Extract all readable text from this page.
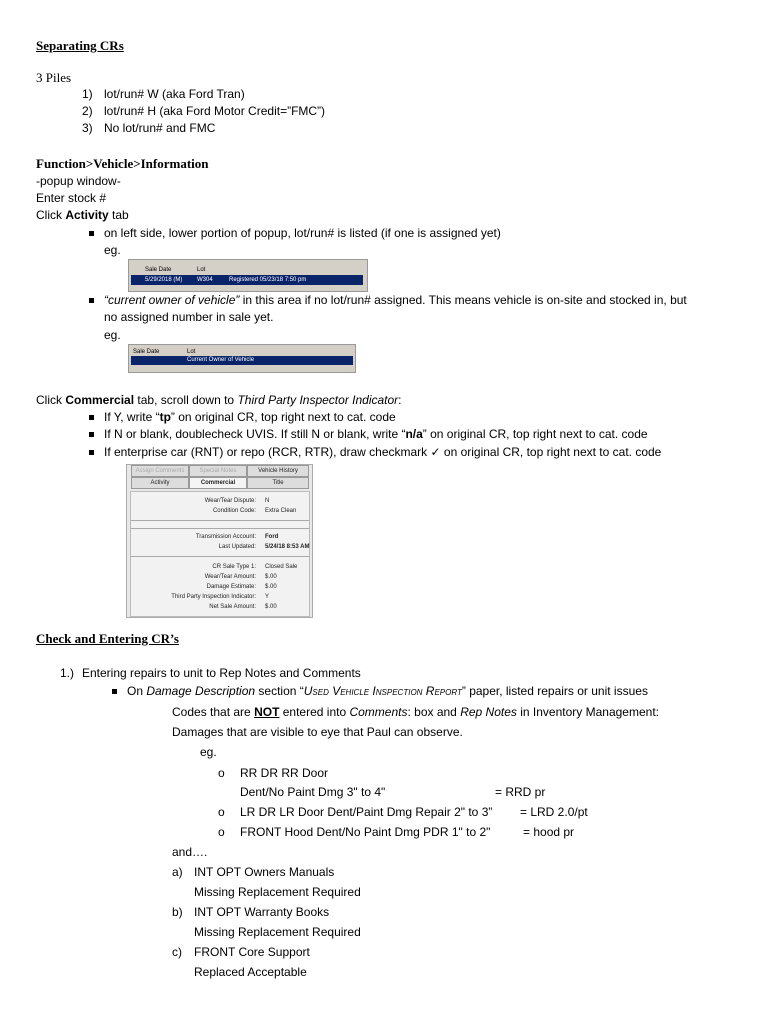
Separating CRs
3 Piles
1) lot/run# W (aka Ford Tran)
2) lot/run# H (aka Ford Motor Credit=”FMC”)
3) No lot/run# and FMC
Function>Vehicle>Information
-popup window-
Enter stock #
Click Activity tab
on left side, lower portion of popup, lot/run# is listed (if one is assigned yet)
eg.
Sale Date	Lot
5/29/2018 (M) W304	Registered 05/23/18 7:50 pm
“current owner of vehicle” in this area if no lot/run# assigned. This means vehicle is on-site and stocked in, but
no assigned number in sale yet.
eg.
Sale Date	Lot
Current Owner of Vehicle
Click Commercial tab, scroll down to Third Party Inspector Indicator:
If Y, write “tp” on original CR, top right next to cat. code
If N or blank, doublecheck UVIS. If still N or blank, write “n/a” on original CR, top right next to cat. code
If enterprise car (RNT) or repo (RCR, RTR), draw checkmark ✓ on original CR, top right next to cat. code
Assign Comments	Special Notes	Vehicle History
Activity	Commercial	Title
Wear/Tear Dispute: N
Condition Code: Extra Clean
Transmission Account: Ford
Last Updated: 5/24/18 8:53 AM
CR Sale Type 1: Closed Sale
Wear/Tear Amount: $.00
Damage Estimate: $.00
Third Party Inspection Indicator: Y
Net Sale Amount: $.00
Check and Entering CR’s
1.) Entering repairs to unit to Rep Notes and Comments
On Damage Description section “Used Vehicle Inspection Report” paper, listed repairs or unit issues
Codes that are NOT entered into Comments: box and Rep Notes in Inventory Management:
Damages that are visible to eye that Paul can observe.
eg.
o RR DR RR Door
Dent/No Paint Dmg 3" to 4"	= RRD pr
o LR DR LR Door Dent/Paint Dmg Repair 2" to 3” = LRD 2.0/pt
o FRONT Hood Dent/No Paint Dmg PDR 1" to 2"	= hood pr
and….
a) INT OPT Owners Manuals
Missing Replacement Required
b) INT OPT Warranty Books
Missing Replacement Required
c) FRONT Core Support
Replaced Acceptable
